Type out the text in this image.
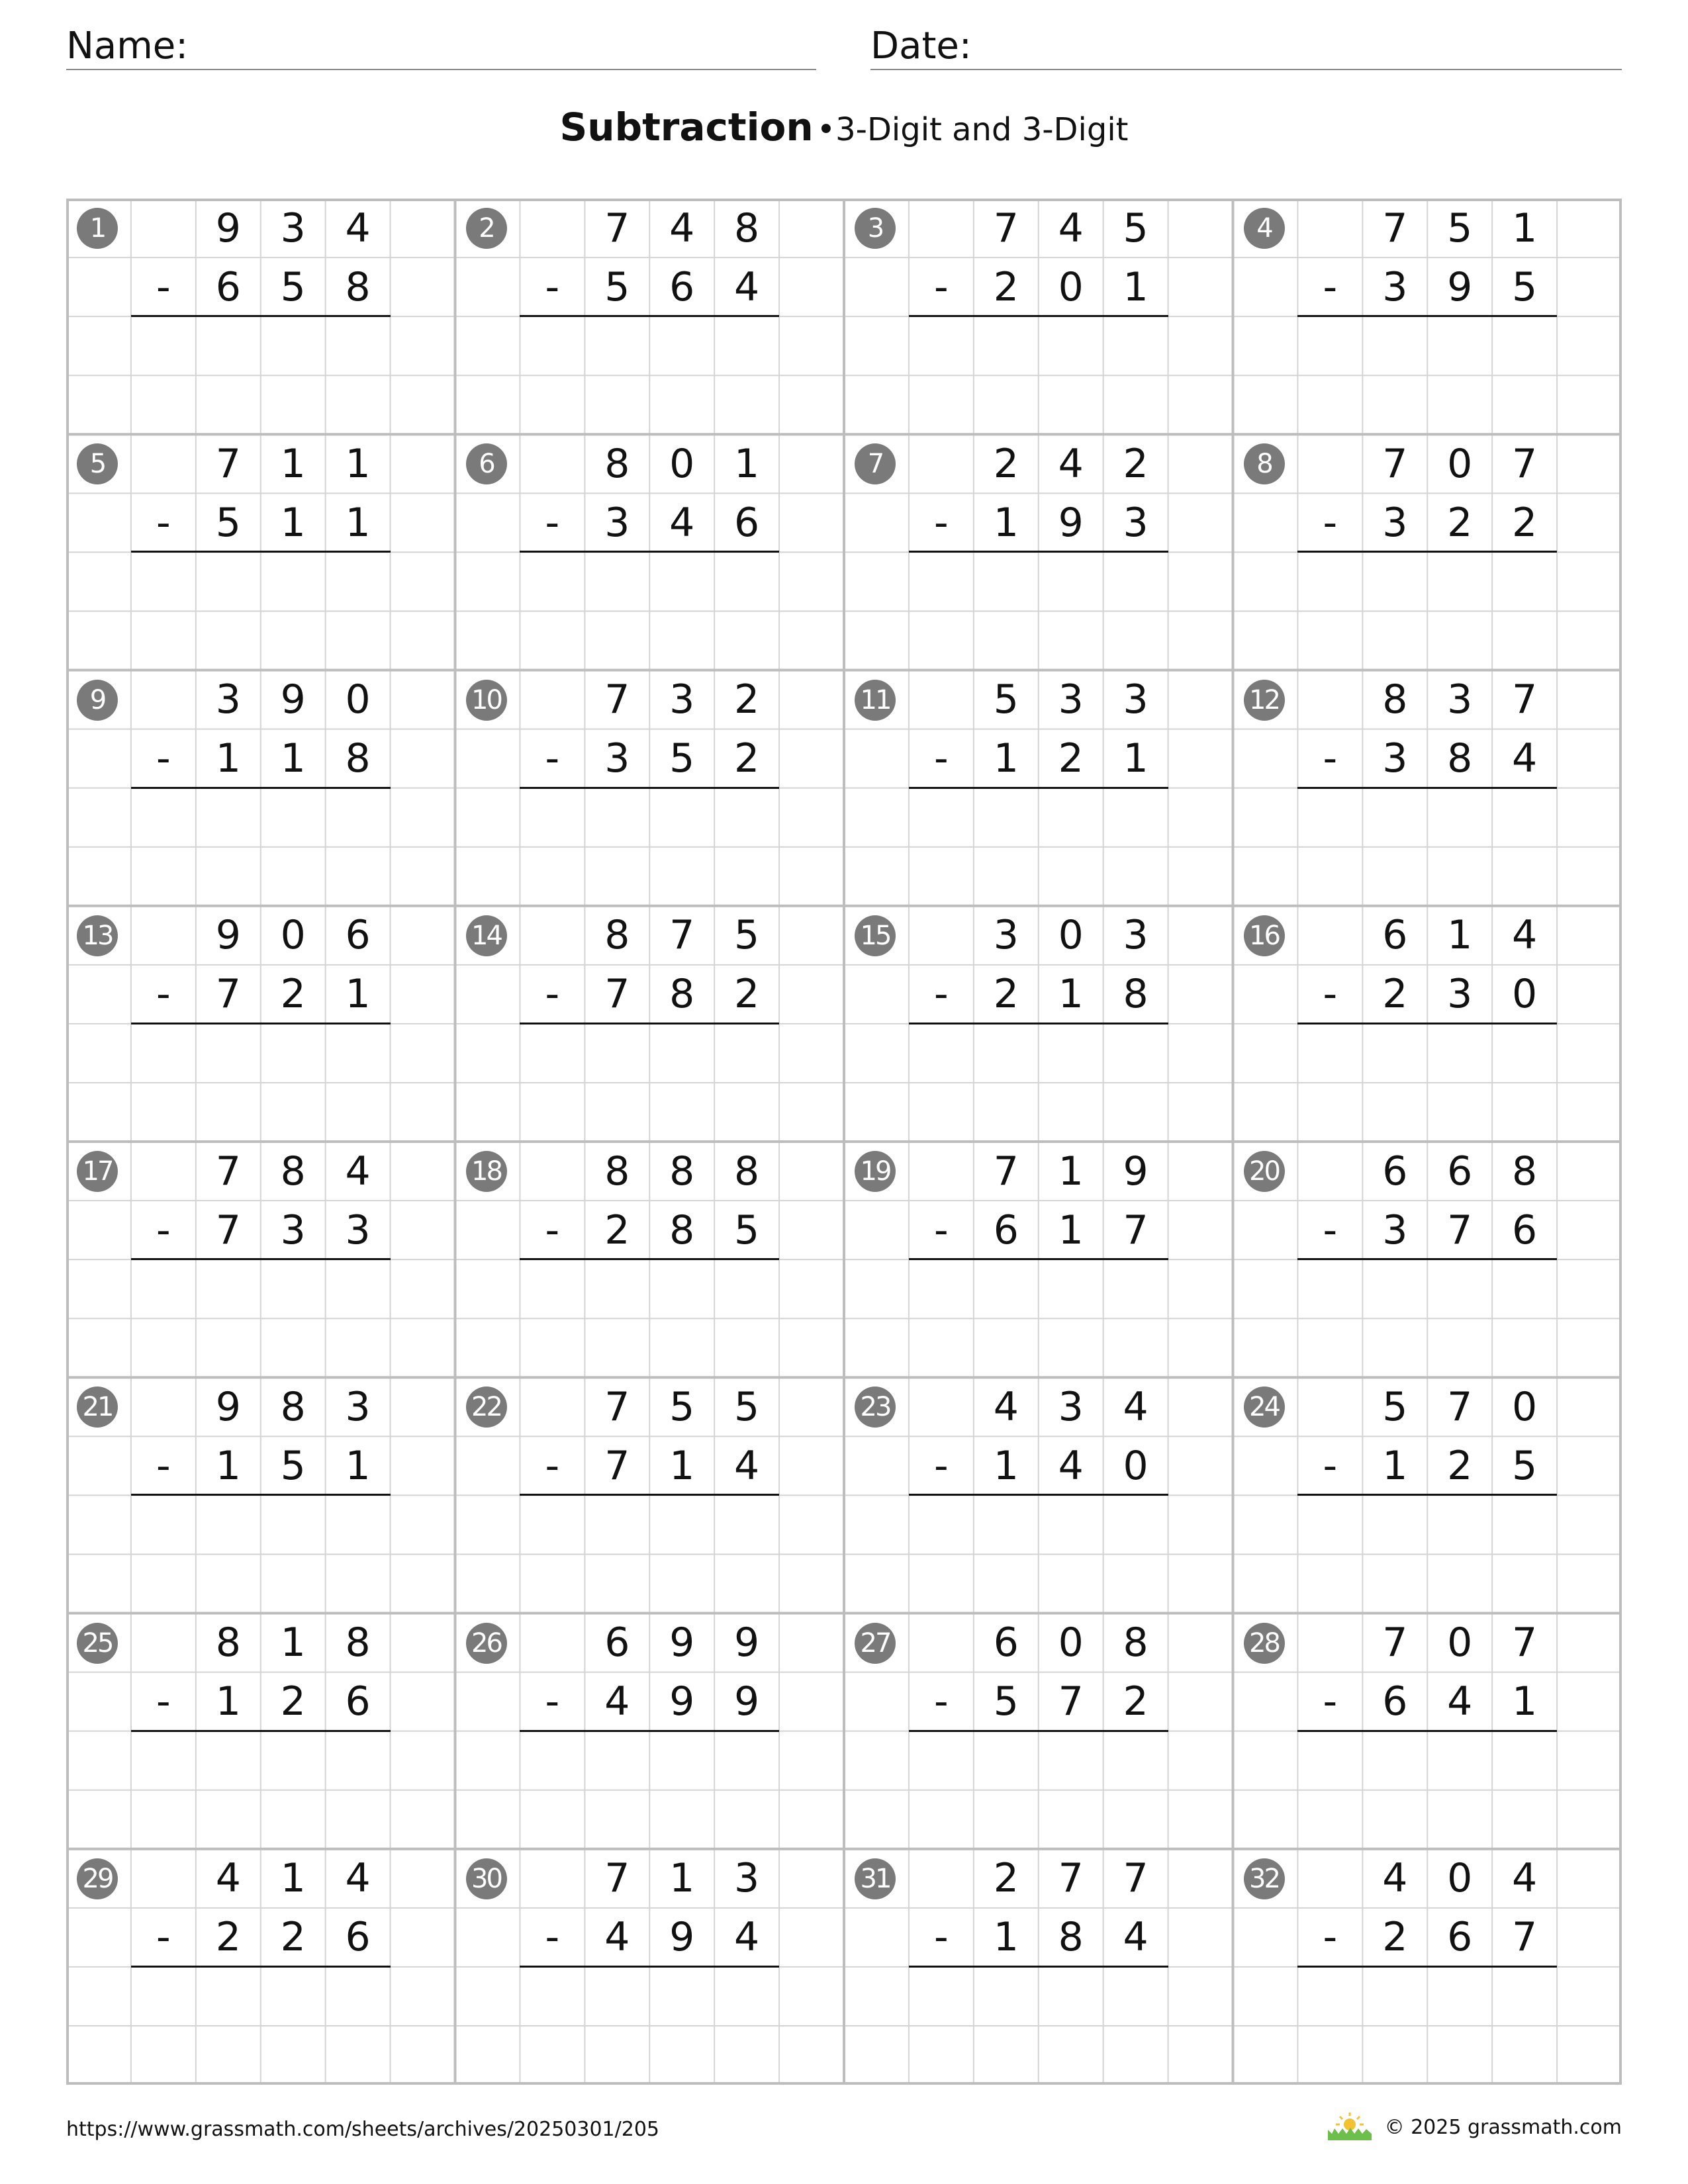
Name:	Date:
Subtraction •3-Digit and 3-Digit
1	9 3 4
-	6 5 8
2	7 4 8
-	5 6 4
3	7 4 5
-	2 0 1
4	7 5 1
-	3 9 5
5	7 1 1
-	5 1 1
6	8 0 1
-	3 4 6
7	2 4 2
-	1 9 3
8	7 0 7
-	3 2 2
9	3 9 0
-	1 1 8
10	7 3 2
-	3 5 2
11	5 3 3
-	1 2 1
12	8 3 7
-	3 8 4
13	9 0 6
-	7 2 1
14	8 7 5
-	7 8 2
15	3 0 3
-	2 1 8
16	6 1 4
-	2 3 0
17	7 8 4
-	7 3 3
18	8 8 8
-	2 8 5
19	7 1 9
-	6 1 7
20	6 6 8
-	3 7 6
21	9 8 3
-	1 5 1
22	7 5 5
-	7 1 4
23	4 3 4
-	1 4 0
24	5 7 0
-	1 2 5
25	8 1 8
-	1 2 6
26	6 9 9
-	4 9 9
27	6 0 8
-	5 7 2
28	7 0 7
-	6 4 1
29	4 1 4
-	2 2 6
30	7 1 3
-	4 9 4
31	2 7 7
-	1 8 4
32	4 0 4
-	2 6 7
https://www.grassmath.com/sheets/archives/20250301/205	© 2025 grassmath.com
